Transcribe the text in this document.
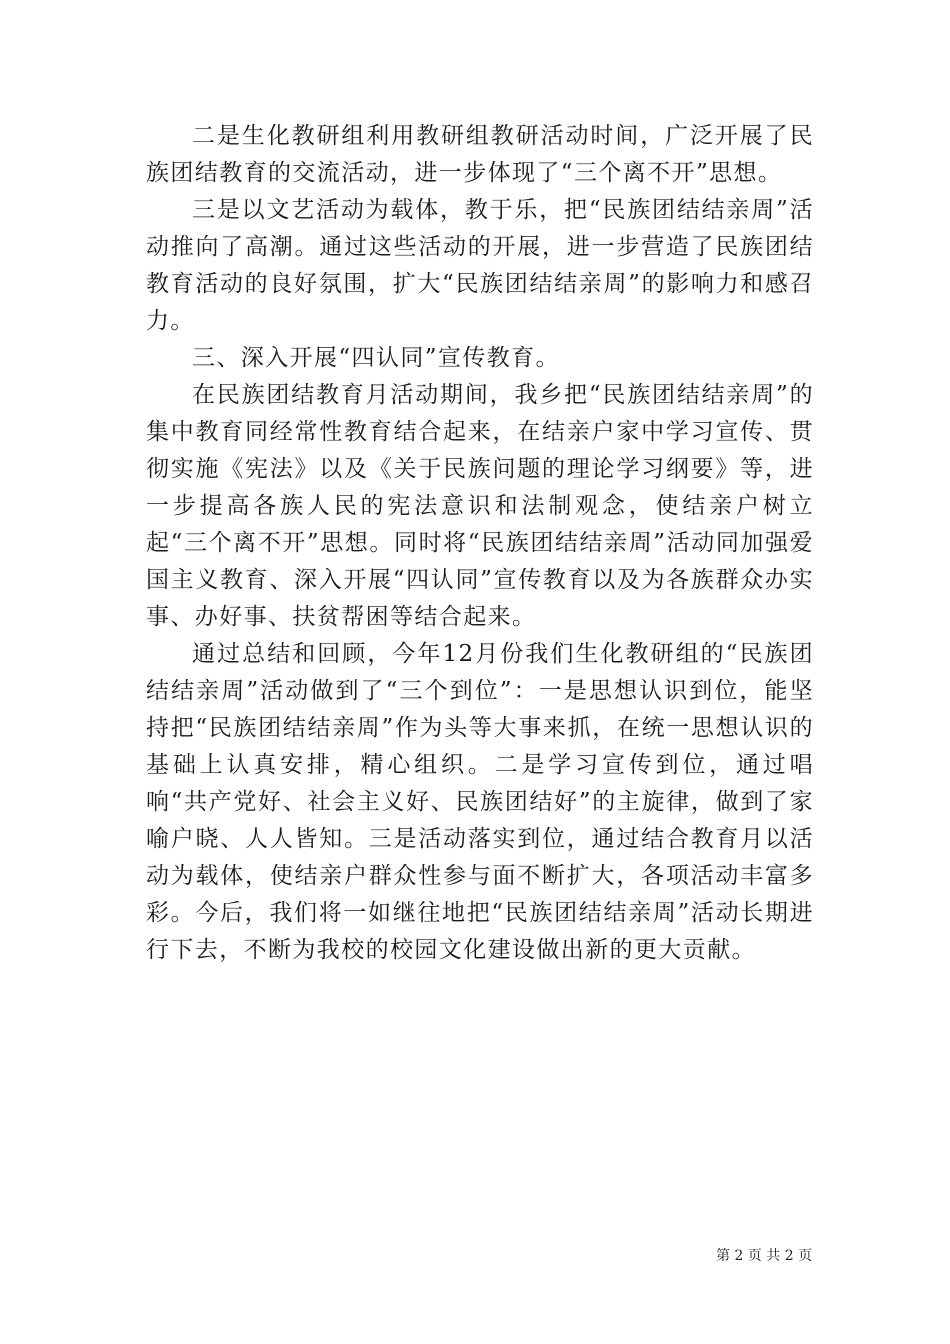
二是生化教研组利用教研组教研活动时间，广泛开展了民族团结教育的交流活动，进一步体现了“三个离不开”思想。

三是以文艺活动为载体，教于乐，把“民族团结结亲周”活动推向了高潮。通过这些活动的开展，进一步营造了民族团结教育活动的良好氛围，扩大“民族团结结亲周”的影响力和感召力。

三、深入开展“四认同”宣传教育。

在民族团结教育月活动期间，我乡把“民族团结结亲周”的集中教育同经常性教育结合起来，在结亲户家中学习宣传、贯彻实施《宪法》以及《关于民族问题的理论学习纲要》等，进一步提高各族人民的宪法意识和法制观念，使结亲户树立起“三个离不开”思想。同时将“民族团结结亲周”活动同加强爱国主义教育、深入开展“四认同”宣传教育以及为各族群众办实事、办好事、扶贫帮困等结合起来。

通过总结和回顾，今年12月份我们生化教研组的“民族团结结亲周”活动做到了“三个到位”：一是思想认识到位，能坚持把“民族团结结亲周”作为头等大事来抓，在统一思想认识的基础上认真安排，精心组织。二是学习宣传到位，通过唱响“共产党好、社会主义好、民族团结好”的主旋律，做到了家喻户晓、人人皆知。三是活动落实到位，通过结合教育月以活动为载体，使结亲户群众性参与面不断扩大，各项活动丰富多彩。今后，我们将一如继往地把“民族团结结亲周”活动长期进行下去，不断为我校的校园文化建设做出新的更大贡献。

第 2 页 共 2 页
